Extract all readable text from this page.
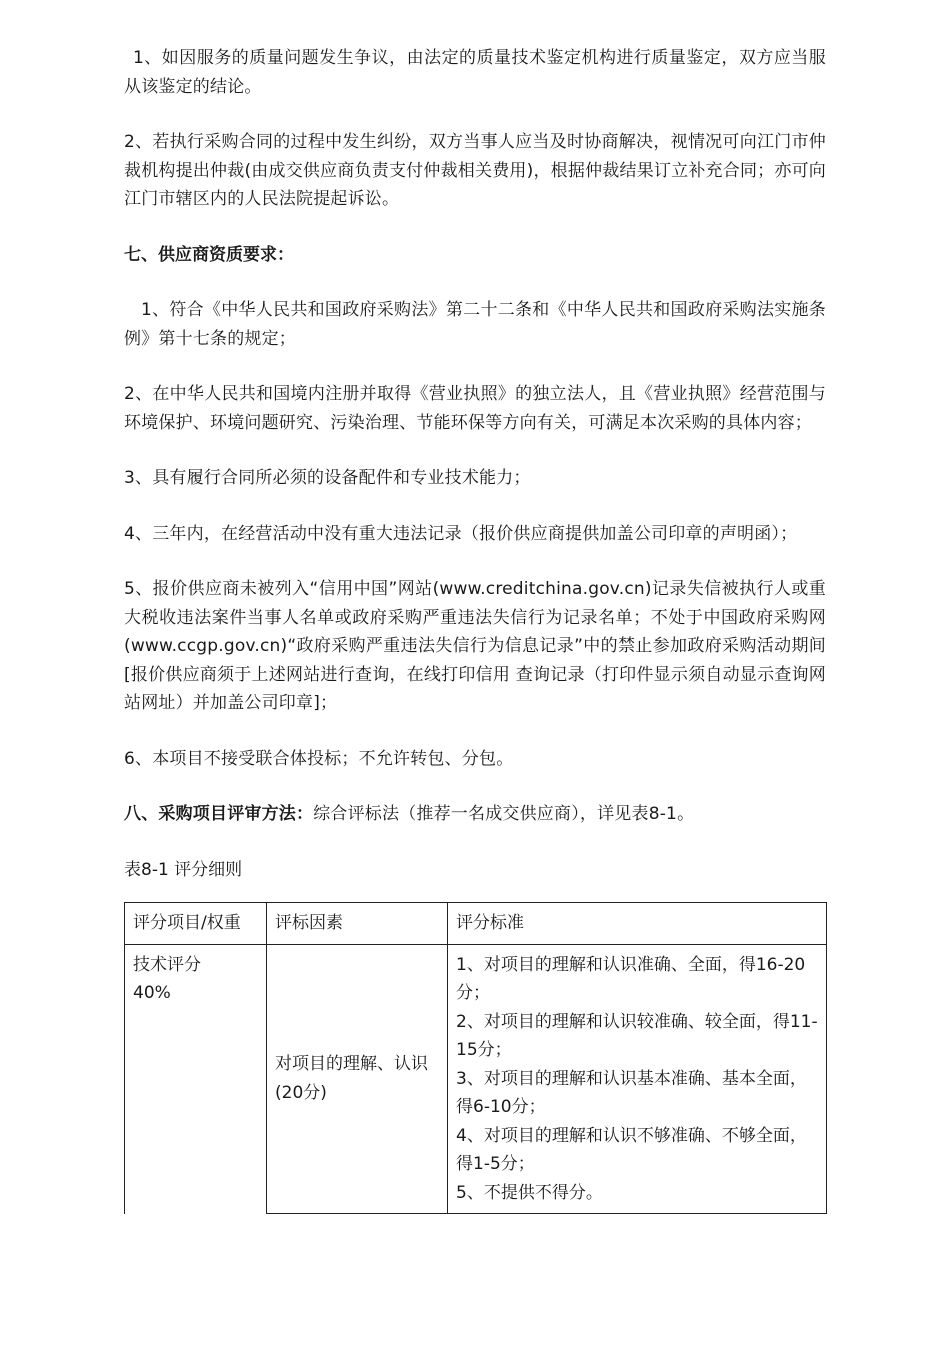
1、如因服务的质量问题发生争议，由法定的质量技术鉴定机构进行质量鉴定，双方应当服从该鉴定的结论。

2、若执行采购合同的过程中发生纠纷，双方当事人应当及时协商解决，视情况可向江门市仲裁机构提出仲裁(由成交供应商负责支付仲裁相关费用)，根据仲裁结果订立补充合同；亦可向江门市辖区内的人民法院提起诉讼。

七、供应商资质要求：

1、符合《中华人民共和国政府采购法》第二十二条和《中华人民共和国政府采购法实施条例》第十七条的规定；

2、在中华人民共和国境内注册并取得《营业执照》的独立法人，且《营业执照》经营范围与环境保护、环境问题研究、污染治理、节能环保等方向有关，可满足本次采购的具体内容；

3、具有履行合同所必须的设备配件和专业技术能力；

4、三年内，在经营活动中没有重大违法记录（报价供应商提供加盖公司印章的声明函）；

5、报价供应商未被列入“信用中国”网站(www.creditchina.gov.cn)记录失信被执行人或重大税收违法案件当事人名单或政府采购严重违法失信行为记录名单；不处于中国政府采购网(www.ccgp.gov.cn)“政府采购严重违法失信行为信息记录”中的禁止参加政府采购活动期间[报价供应商须于上述网站进行查询，在线打印信用 查询记录（打印件显示须自动显示查询网站网址）并加盖公司印章]；

6、本项目不接受联合体投标；不允许转包、分包。

八、采购项目评审方法：综合评标法（推荐一名成交供应商），详见表8-1。

表8-1 评分细则

评分项目/权重	评标因素	评分标准

技术评分
40%	对项目的理解、认识(20分)	1、对项目的理解和认识准确、全面，得16-20分；
2、对项目的理解和认识较准确、较全面，得11-15分；
3、对项目的理解和认识基本准确、基本全面，得6-10分；
4、对项目的理解和认识不够准确、不够全面，得1-5分；
5、不提供不得分。
